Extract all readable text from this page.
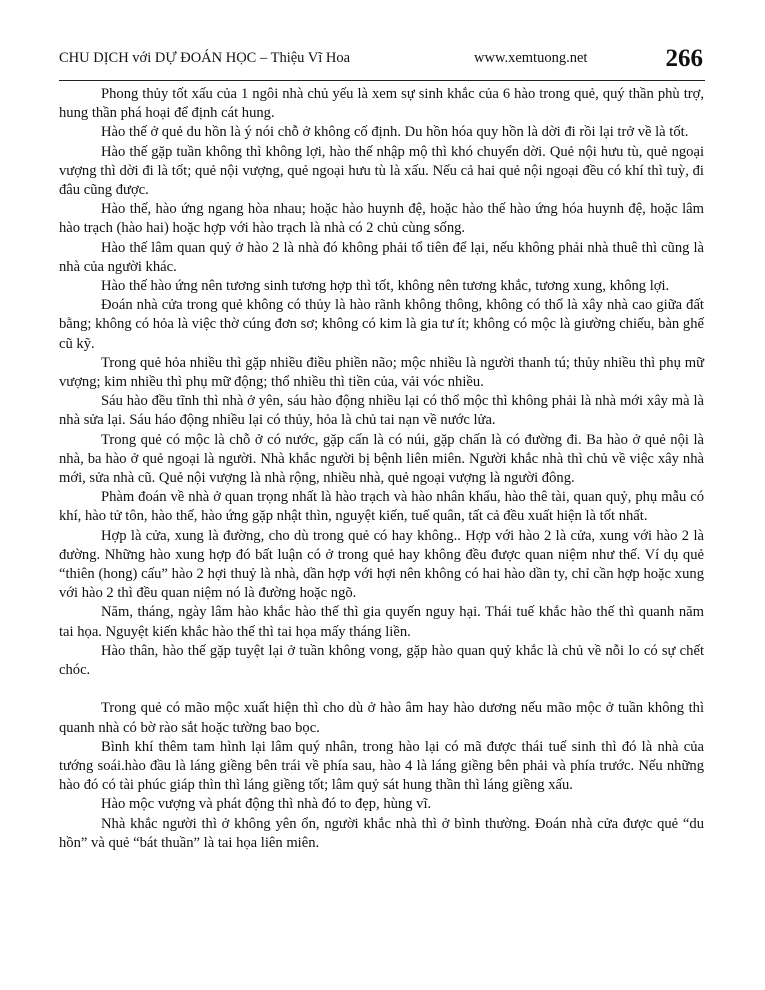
CHU DỊCH với DỰ ĐOÁN HỌC – Thiệu Vĩ Hoa	www.xemtuong.net	266

Phong thủy tốt xấu của 1 ngôi nhà chủ yếu là xem sự sinh khắc của 6 hào trong quẻ, quý thần phù trợ, hung thần phá hoại để định cát hung.

Hào thế ở quẻ du hồn là ý nói chỗ ở không cố định. Du hồn hóa quy hồn là dời đi rồi lại trở về là tốt.

Hào thế gặp tuần không thì không lợi, hào thế nhập mộ thì khó chuyển dời. Quẻ nội hưu tù, quẻ ngoại vượng thì dời đi là tốt; quẻ nội vượng, quẻ ngoại hưu tù là xấu. Nếu cả hai quẻ nội ngoại đều có khí thì tuỳ, đi đâu cũng được.

Hào thế, hào ứng ngang hòa nhau; hoặc hào huynh đệ, hoặc hào thế hào ứng hóa huynh đệ, hoặc lâm hào trạch (hào hai) hoặc hợp với hào trạch là nhà có 2 chủ cùng sống.

Hào thế lâm quan quỷ ở hào 2 là nhà đó không phải tổ tiên để lại, nếu không phải nhà thuê thì cũng là nhà của người khác.

Hào thế hào ứng nên tương sinh tương hợp thì tốt, không nên tương khắc, tương xung, không lợi.

Đoán nhà cửa trong quẻ không có thủy là hào rãnh không thông, không có thổ là xây nhà cao giữa đất bằng; không có hỏa là việc thờ cúng đơn sơ; không có kim là gia tư ít; không có mộc là giường chiếu, bàn ghế cũ kỹ.

Trong quẻ hỏa nhiều thì gặp nhiều điều phiền não; mộc nhiều là người thanh tú; thủy nhiều thì phụ mữ vượng; kim nhiều thì phụ mữ động; thổ nhiều thì tiền của, vải vóc nhiều.

Sáu hào đều tĩnh thì nhà ở yên, sáu hào động nhiều lại có thổ mộc thì không phải là nhà mới xây mà là nhà sửa lại. Sáu háo động nhiều lại có thủy, hỏa là chủ tai nạn về nước lửa.

Trong quẻ có mộc là chỗ ở có nước, gặp cấn là có núi, gặp chấn là có đường đi. Ba hào ở quẻ nội là nhà, ba hào ở quẻ ngoại là người. Nhà khắc người bị bệnh liên miên. Người khắc nhà thì chủ về việc xây nhà mới, sửa nhà cũ. Quẻ nội vượng là nhà rộng, nhiều nhà, quẻ ngoại vượng là người đông.

Phàm đoán về nhà ở quan trọng nhất là hào trạch và hào nhân khẩu, hào thê tài, quan quỷ, phụ mẫu có khí, hào tử tôn, hào thế, hào ứng gặp nhật thìn, nguyệt kiến, tuế quân, tất cả đều xuất hiện là tốt nhất.

Hợp là cửa, xung là đường, cho dù trong quẻ có hay không.. Hợp với hào 2 là cửa, xung với hào 2 là đường. Những hào xung hợp đó bất luận có ở trong quẻ hay không đều được quan niệm như thế. Ví dụ quẻ “thiên (hong) cấu” hào 2 hợi thuỷ là nhà, dần hợp với hợi nên không có hai hào dần ty, chỉ cần hợp hoặc xung với hào 2 thì đều quan niệm nó là đường hoặc ngõ.

Năm, tháng, ngày lâm hào khắc hào thế thì gia quyến nguy hại. Thái tuế khắc hào thế thì quanh năm tai họa. Nguyệt kiến khắc hào thế thì tai họa mấy tháng liền.

Hào thân, hào thế gặp tuyệt lại ở tuần không vong, gặp hào quan quỷ khắc là chủ về nỗi lo có sự chết chóc.

Trong quẻ có mão mộc xuất hiện thì cho dù ở hào âm hay hào dương nếu mão mộc ở tuần không thì quanh nhà có bờ rào sắt hoặc tường bao bọc.

Bình khí thêm tam hình lại lâm quý nhân, trong hào lại có mã được thái tuế sinh thì đó là nhà của tướng soái.hào đầu là láng giềng bên trái về phía sau, hào 4 là láng giềng bên phải và phía trước. Nếu những hào đó có tài phúc giáp thìn thì láng giềng tốt; lâm quỷ sát hung thần thì láng giềng xấu.

Hào mộc vượng và phát động thì nhà đó to đẹp, hùng vĩ.

Nhà khắc người thì ở không yên ổn, người khắc nhà thì ở bình thường. Đoán nhà cửa được quẻ “du hồn” và quẻ “bát thuần” là tai họa liên miên.
